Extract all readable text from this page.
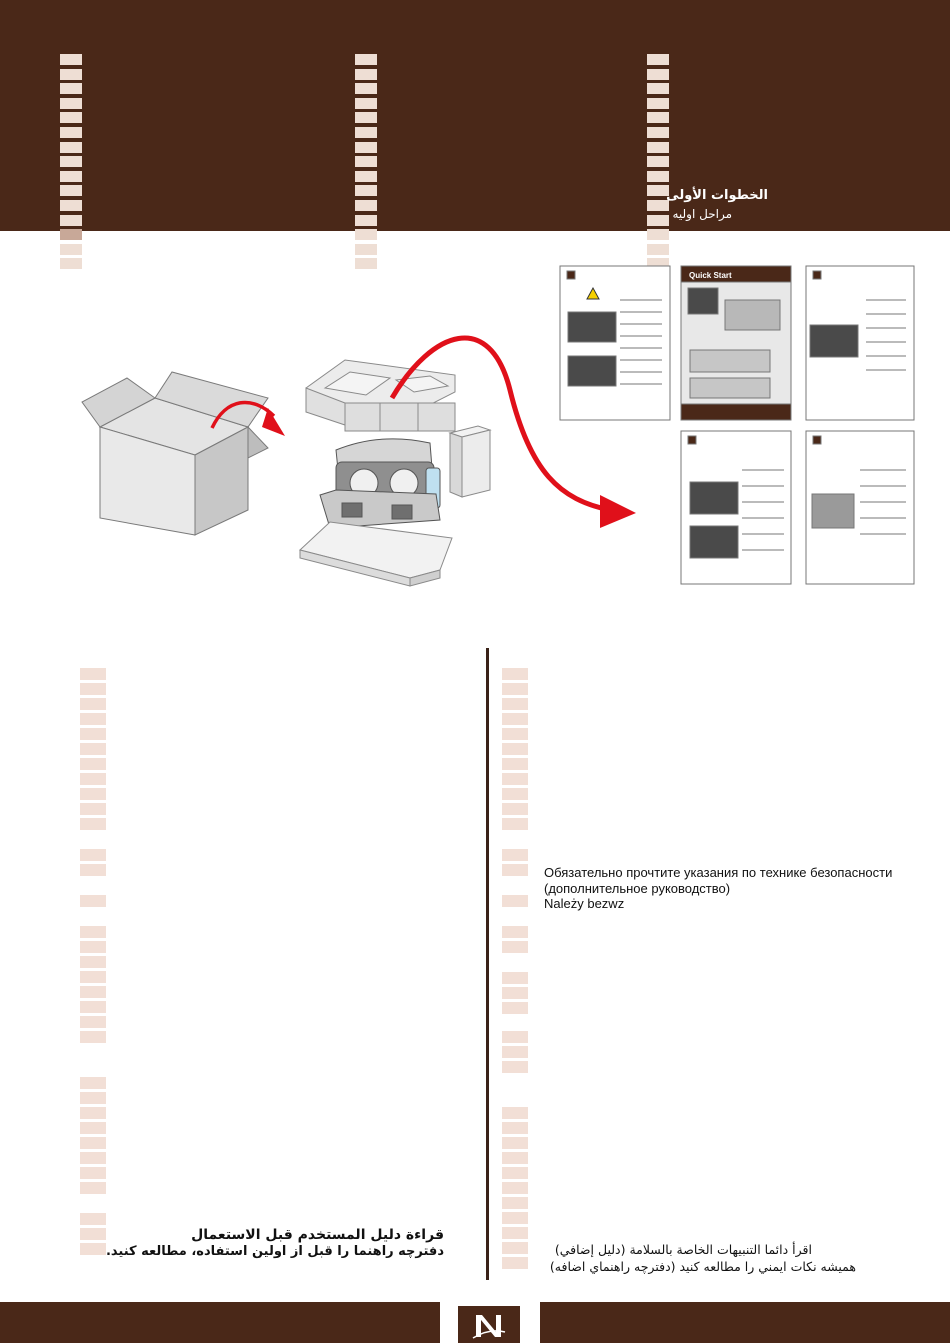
الخطوات الأولى
مراحل اوليه
Quick Start
قراءة دليل المستخدم قبل الاستعمال
دفترچه راهنما را قبل از اولین استفاده، مطالعه كنيد.
Обязательно прочтите указания по технике безопасности
(дополнительное руководство)
Należy bezwz
اقرأ دائما التنبيهات الخاصة بالسلامة (دليل إضافي)
هميشه نكات ايمني را مطالعه كنيد (دفترچه راهنماي اضافه)
